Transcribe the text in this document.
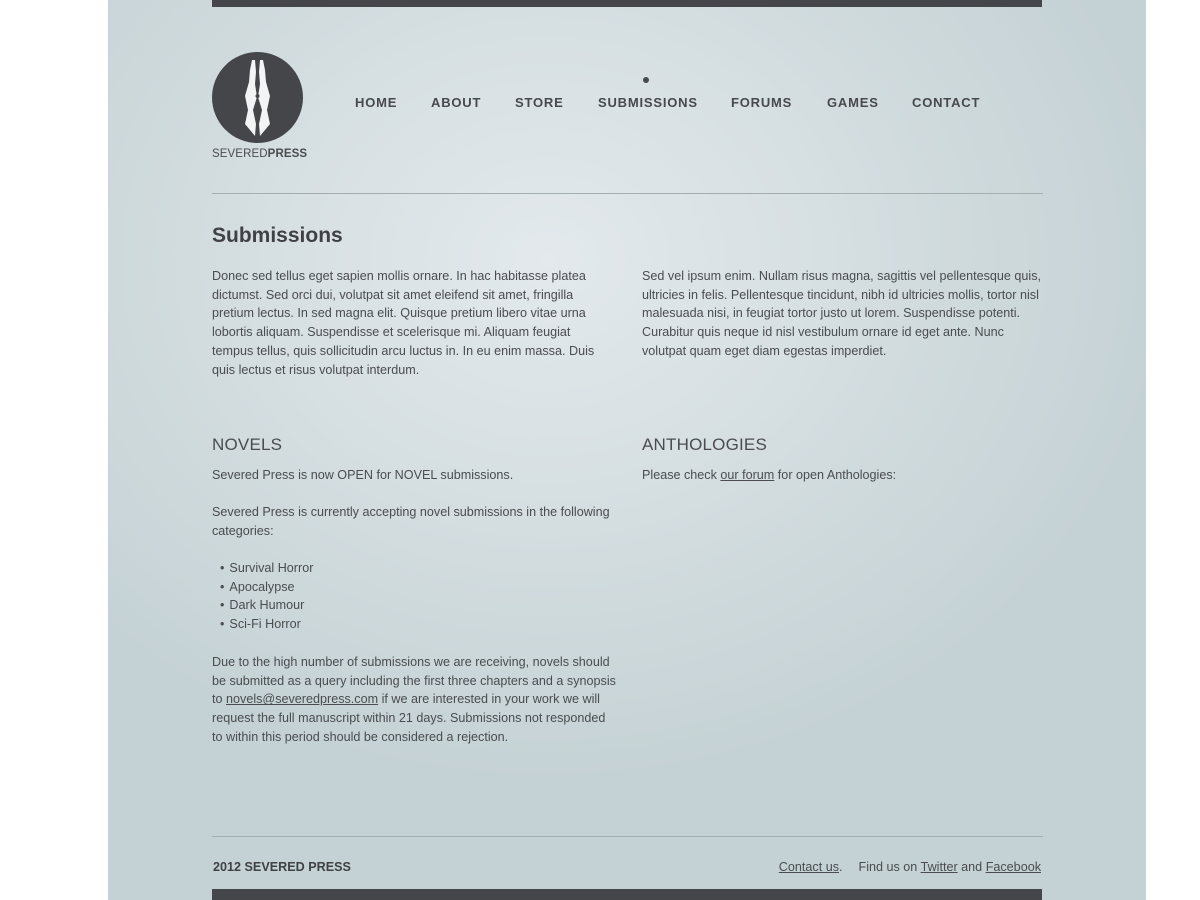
SEVEREDPRESS
HOME	ABOUT	STORE	SUBMISSIONS	FORUMS	GAMES	CONTACT
Submissions

Donec sed tellus eget sapien mollis ornare. In hac habitasse platea dictumst. Sed orci dui, volutpat sit amet eleifend sit amet, fringilla pretium lectus. In sed magna elit. Quisque pretium libero vitae urna lobortis aliquam. Suspendisse et scelerisque mi. Aliquam feugiat tempus tellus, quis sollicitudin arcu luctus in. In eu enim massa. Duis quis lectus et risus volutpat interdum.

Sed vel ipsum enim. Nullam risus magna, sagittis vel pellentesque quis, ultricies in felis. Pellentesque tincidunt, nibh id ultricies mollis, tortor nisl malesuada nisi, in feugiat tortor justo ut lorem. Suspendisse potenti. Curabitur quis neque id nisl vestibulum ornare id eget ante. Nunc volutpat quam eget diam egestas imperdiet.

NOVELS

Severed Press is now OPEN for NOVEL submissions.

Severed Press is currently accepting novel submissions in the following categories:

• Survival Horror
• Apocalypse
• Dark Humour
• Sci-Fi Horror

Due to the high number of submissions we are receiving, novels should be submitted as a query including the first three chapters and a synopsis to novels@severedpress.com if we are interested in your work we will request the full manuscript within 21 days. Submissions not responded to within this period should be considered a rejection.

ANTHOLOGIES

Please check our forum for open Anthologies:

2012 SEVERED PRESS	Contact us. Find us on Twitter and Facebook
